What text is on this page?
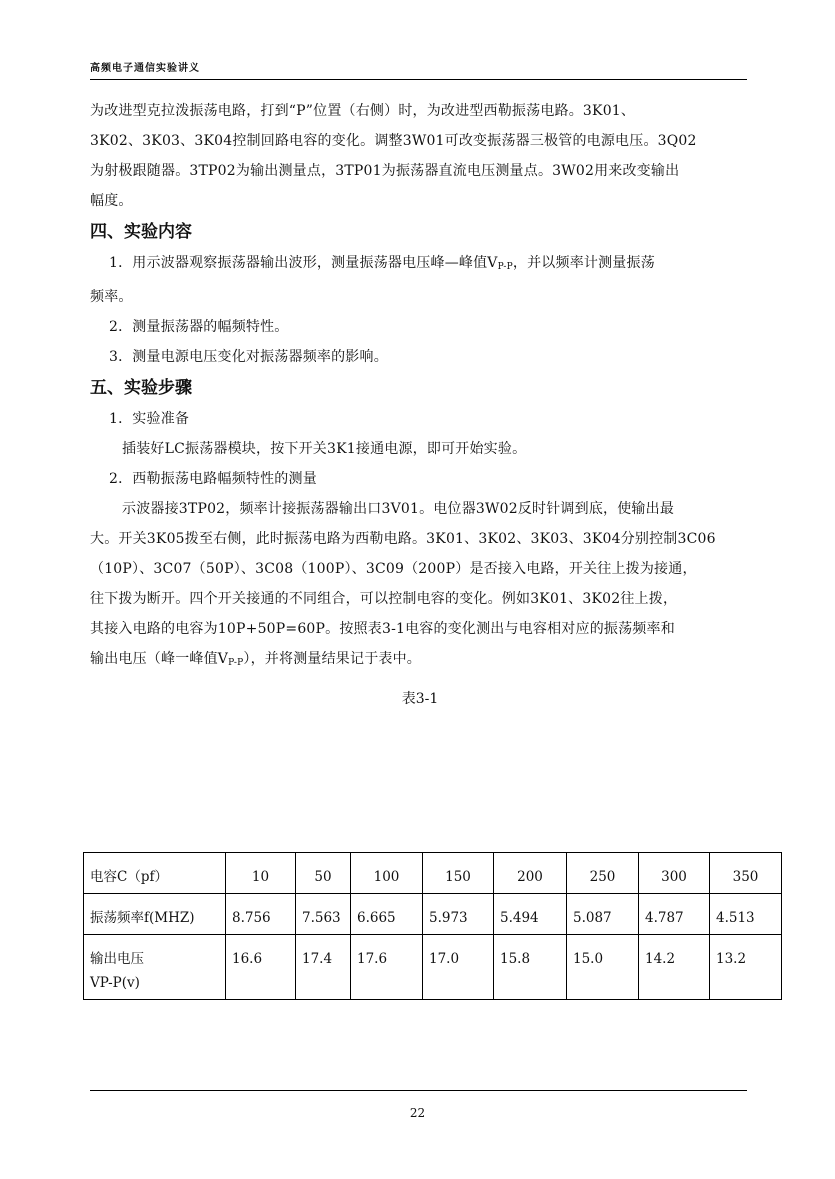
高频电子通信实验讲义

为改进型克拉泼振荡电路，打到“P”位置（右侧）时，为改进型西勒振荡电路。3K01、

3K02、3K03、3K04控制回路电容的变化。调整3W01可改变振荡器三极管的电源电压。3Q02

为射极跟随器。3TP02为输出测量点，3TP01为振荡器直流电压测量点。3W02用来改变输出

幅度。

四、实验内容

1．用示波器观察振荡器输出波形，测量振荡器电压峰—峰值$V_{P-P}$，并以频率计测量振荡

频率。

2．测量振荡器的幅频特性。

3．测量电源电压变化对振荡器频率的影响。

五、实验步骤

1．实验准备

插装好LC振荡器模块，按下开关3K1接通电源，即可开始实验。

2．西勒振荡电路幅频特性的测量

示波器接3TP02，频率计接振荡器输出口3V01。电位器3W02反时针调到底，使输出最

大。开关3K05拨至右侧，此时振荡电路为西勒电路。3K01、3K02、3K03、3K04分别控制3C06

（10P）、3C07（50P）、3C08（100P）、3C09（200P）是否接入电路，开关往上拨为接通，

往下拨为断开。四个开关接通的不同组合，可以控制电容的变化。例如3K01、3K02往上拨，

其接入电路的电容为10P+50P=60P。按照表3-1电容的变化测出与电容相对应的振荡频率和

输出电压（峰一峰值$V_{P-P}$），并将测量结果记于表中。

表3-1

电容C（pf）	10	50	100	150	200	250	300	350
振荡频率f(MHZ)	8.756	7.563	6.665	5.973	5.494	5.087	4.787	4.513

输出电压
VP-P(v)	16.6	17.4	17.6	17.0	15.8	15.0	14.2	13.2
22
